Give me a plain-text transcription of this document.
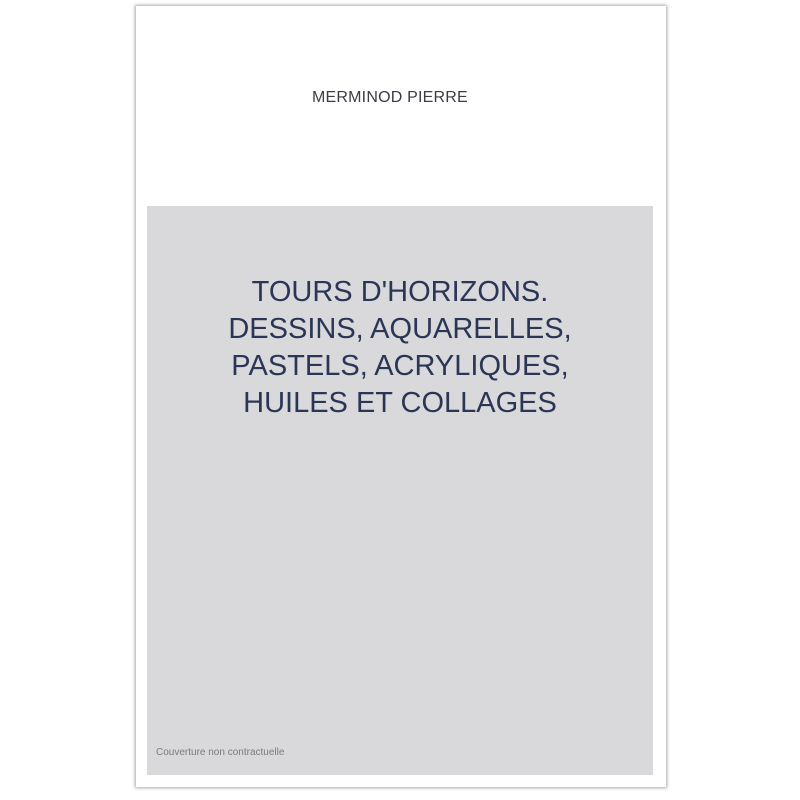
MERMINOD PIERRE
TOURS D'HORIZONS.
DESSINS, AQUARELLES,
PASTELS, ACRYLIQUES,
HUILES ET COLLAGES
Couverture non contractuelle
